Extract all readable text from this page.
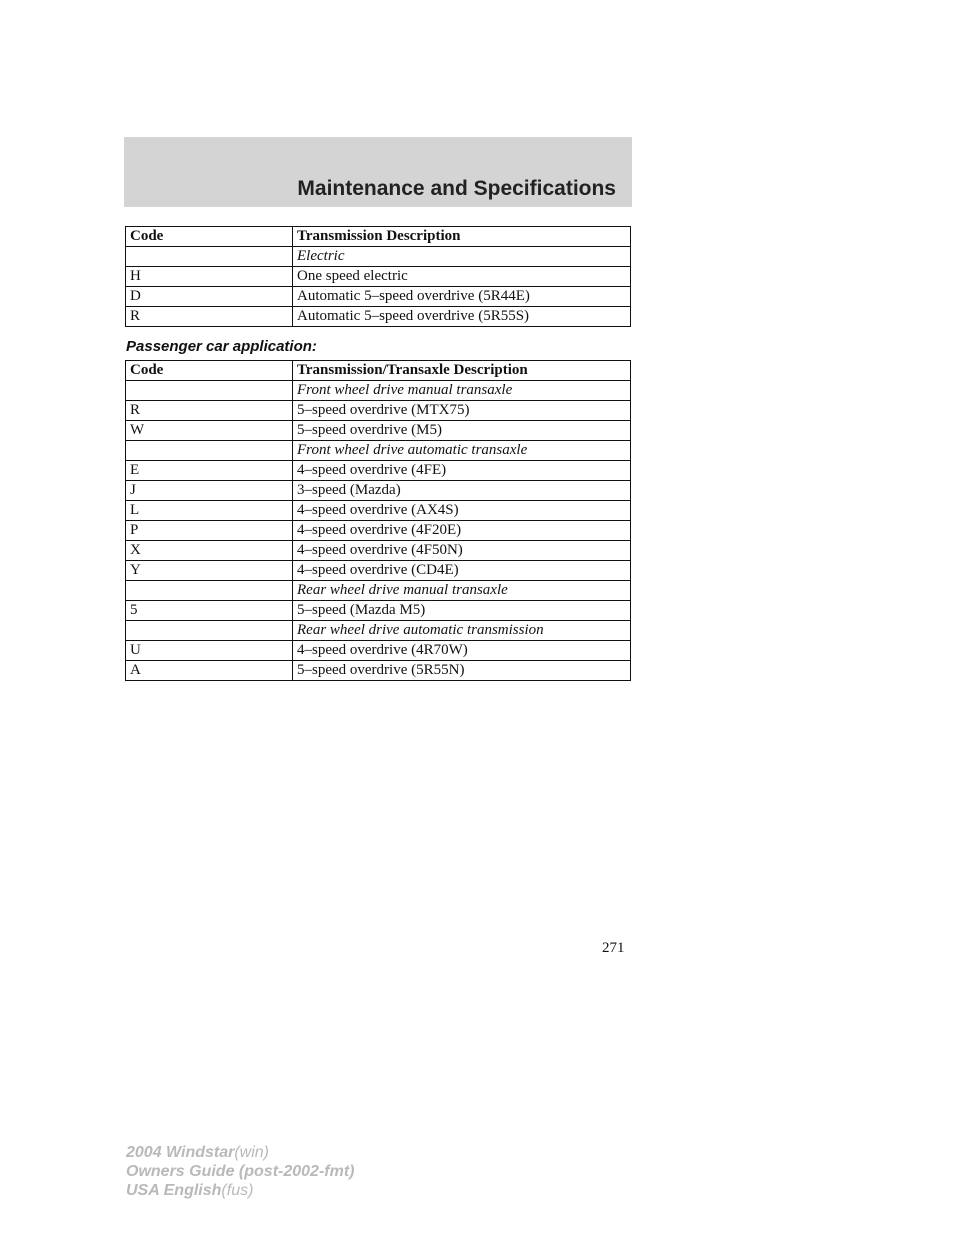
Maintenance and Specifications
Code	Transmission Description
	Electric
H	One speed electric
D	Automatic 5–speed overdrive (5R44E)
R	Automatic 5–speed overdrive (5R55S)
Passenger car application:
Code	Transmission/Transaxle Description
	Front wheel drive manual transaxle
R	5–speed overdrive (MTX75)
W	5–speed overdrive (M5)
	Front wheel drive automatic transaxle
E	4–speed overdrive (4FE)
J	3–speed (Mazda)
L	4–speed overdrive (AX4S)
P	4–speed overdrive (4F20E)
X	4–speed overdrive (4F50N)
Y	4–speed overdrive (CD4E)
	Rear wheel drive manual transaxle
5	5–speed (Mazda M5)
	Rear wheel drive automatic transmission
U	4–speed overdrive (4R70W)
A	5–speed overdrive (5R55N)
271
2004 Windstar(win)
Owners Guide (post-2002-fmt)
USA English(fus)
